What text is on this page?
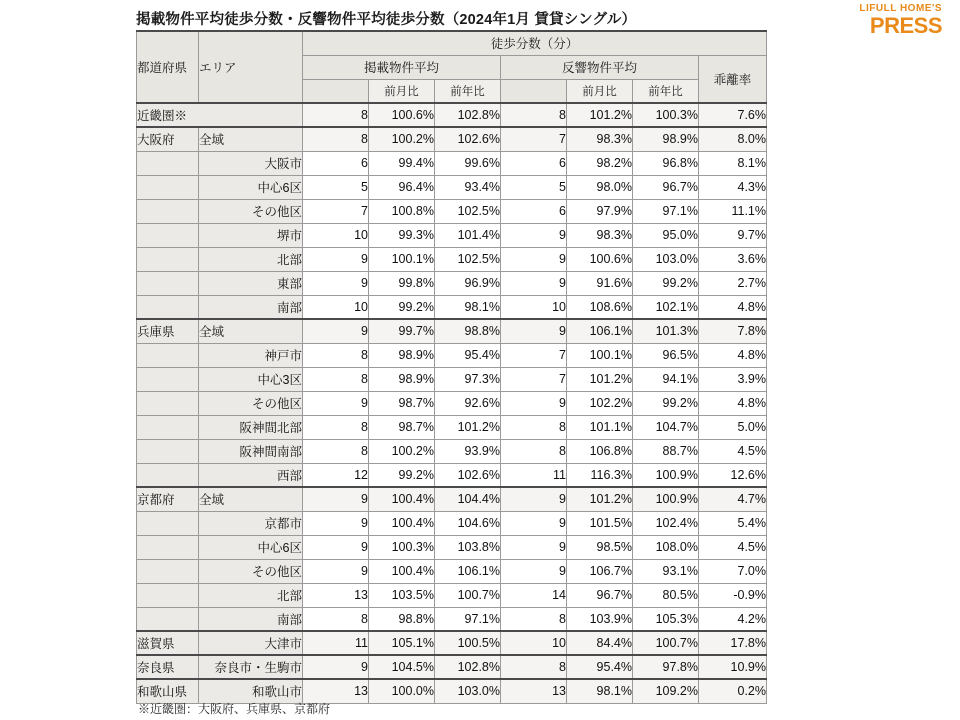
掲載物件平均徒歩分数・反響物件平均徒歩分数（2024年1月 賃貸シングル）
LIFULL HOME'S
PRESS
都道府県	エリア	徒歩分数（分）						
		掲載物件平均			反響物件平均			乖離率
			前月比	前年比		前月比	前年比	
近畿圏※		8	100.6%	102.8%	8	101.2%	100.3%	7.6%
大阪府	全域	8	100.2%	102.6%	7	98.3%	98.9%	8.0%
	大阪市	6	99.4%	99.6%	6	98.2%	96.8%	8.1%
	中心6区	5	96.4%	93.4%	5	98.0%	96.7%	4.3%
	その他区	7	100.8%	102.5%	6	97.9%	97.1%	11.1%
	堺市	10	99.3%	101.4%	9	98.3%	95.0%	9.7%
	北部	9	100.1%	102.5%	9	100.6%	103.0%	3.6%
	東部	9	99.8%	96.9%	9	91.6%	99.2%	2.7%
	南部	10	99.2%	98.1%	10	108.6%	102.1%	4.8%
兵庫県	全域	9	99.7%	98.8%	9	106.1%	101.3%	7.8%
	神戸市	8	98.9%	95.4%	7	100.1%	96.5%	4.8%
	中心3区	8	98.9%	97.3%	7	101.2%	94.1%	3.9%
	その他区	9	98.7%	92.6%	9	102.2%	99.2%	4.8%
	阪神間北部	8	98.7%	101.2%	8	101.1%	104.7%	5.0%
	阪神間南部	8	100.2%	93.9%	8	106.8%	88.7%	4.5%
	西部	12	99.2%	102.6%	11	116.3%	100.9%	12.6%
京都府	全域	9	100.4%	104.4%	9	101.2%	100.9%	4.7%
	京都市	9	100.4%	104.6%	9	101.5%	102.4%	5.4%
	中心6区	9	100.3%	103.8%	9	98.5%	108.0%	4.5%
	その他区	9	100.4%	106.1%	9	106.7%	93.1%	7.0%
	北部	13	103.5%	100.7%	14	96.7%	80.5%	-0.9%
	南部	8	98.8%	97.1%	8	103.9%	105.3%	4.2%
滋賀県	大津市	11	105.1%	100.5%	10	84.4%	100.7%	17.8%
奈良県	奈良市・生駒市	9	104.5%	102.8%	8	95.4%	97.8%	10.9%
和歌山県	和歌山市	13	100.0%	103.0%	13	98.1%	109.2%	0.2%
※近畿圏：大阪府、兵庫県、京都府
